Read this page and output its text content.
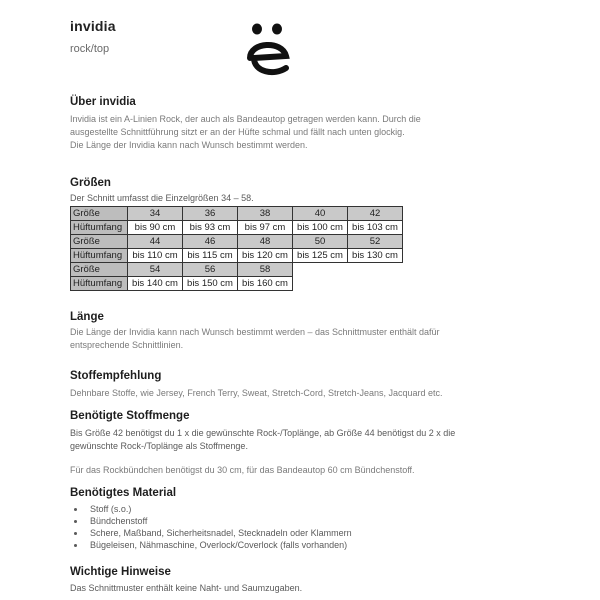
invidia
rock/top
Über invidia

Invidia ist ein A-Linien Rock, der auch als Bandeautop getragen werden kann. Durch die
ausgestellte Schnittführung sitzt er an der Hüfte schmal und fällt nach unten glockig.
Die Länge der Invidia kann nach Wunsch bestimmt werden.

Größen

Der Schnitt umfasst die Einzelgrößen 34 – 58.

Größe	34	36	38	40	42
Hüftumfang	bis 90 cm	bis 93 cm	bis 97 cm	bis 100 cm	bis 103 cm
Größe	44	46	48	50	52
Hüftumfang	bis 110 cm	bis 115 cm	bis 120 cm	bis 125 cm	bis 130 cm
Größe	54	56	58		
Hüftumfang	bis 140 cm	bis 150 cm	bis 160 cm		
Länge

Die Länge der Invidia kann nach Wunsch bestimmt werden – das Schnittmuster enthält dafür
entsprechende Schnittlinien.

Stoffempfehlung

Dehnbare Stoffe, wie Jersey, French Terry, Sweat, Stretch-Cord, Stretch-Jeans, Jacquard etc.

Benötigte Stoffmenge

Bis Größe 42 benötigst du 1 x die gewünschte Rock-/Toplänge, ab Größe 44 benötigst du 2 x die
gewünschte Rock-/Toplänge als Stoffmenge.

Für das Rockbündchen benötigst du 30 cm, für das Bandeautop 60 cm Bündchenstoff.

Benötigtes Material
• Stoff (s.o.)
• Bündchenstoff
• Schere, Maßband, Sicherheitsnadel, Stecknadeln oder Klammern
• Bügeleisen, Nähmaschine, Overlock/Coverlock (falls vorhanden)
Wichtige Hinweise

Das Schnittmuster enthält keine Naht- und Saumzugaben.
